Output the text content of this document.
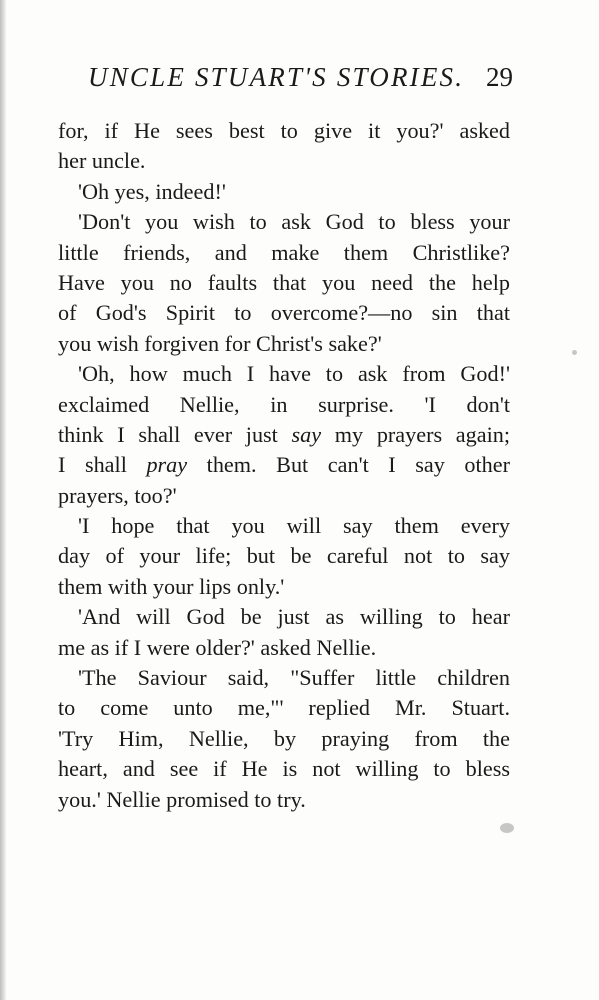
UNCLE STUART'S STORIES. 29
for, if He sees best to give it you?' asked
her uncle.
'Oh yes, indeed!'
'Don't you wish to ask God to bless your
little friends, and make them Christlike?
Have you no faults that you need the help
of God's Spirit to overcome?—no sin that
you wish forgiven for Christ's sake?'
'Oh, how much I have to ask from God!'
exclaimed Nellie, in surprise. 'I don't
think I shall ever just say my prayers again;
I shall pray them. But can't I say other
prayers, too?'
'I hope that you will say them every
day of your life; but be careful not to say
them with your lips only.'
'And will God be just as willing to hear
me as if I were older?' asked Nellie.
'The Saviour said, "Suffer little children
to come unto me,"' replied Mr. Stuart.
'Try Him, Nellie, by praying from the
heart, and see if He is not willing to bless
you.' Nellie promised to try.
